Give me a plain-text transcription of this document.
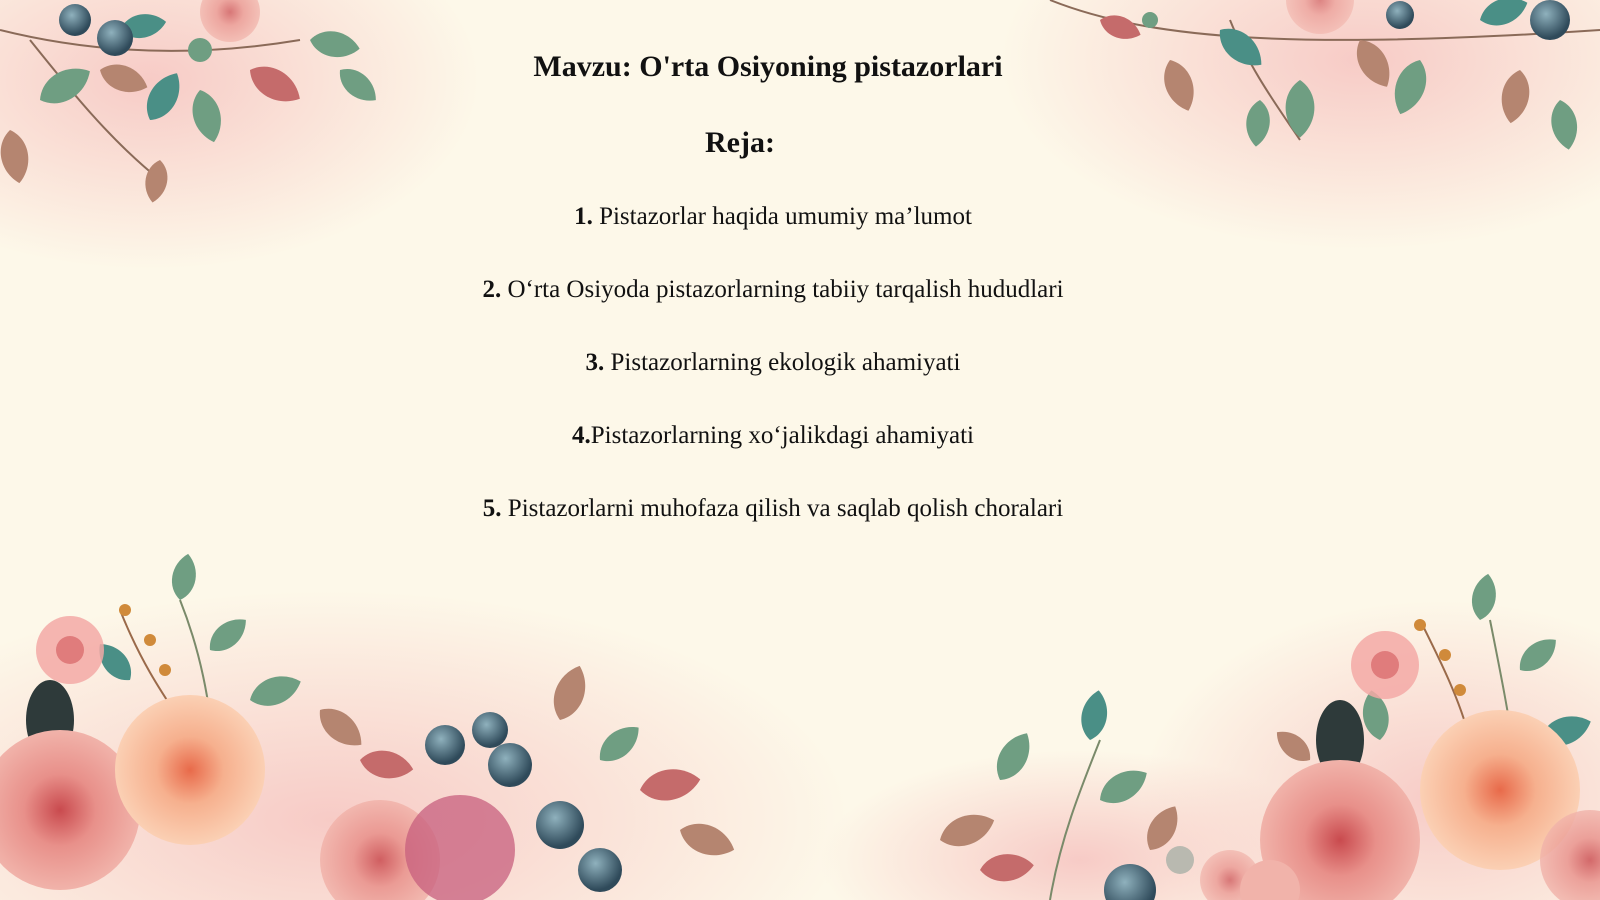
Mavzu: O'rta Osiyoning pistazorlari
Reja:
1. Pistazorlar haqida umumiy ma’lumot
2. O‘rta Osiyoda pistazorlarning tabiiy tarqalish hududlari
3. Pistazorlarning ekologik ahamiyati
4.Pistazorlarning xo‘jalikdagi ahamiyati
5. Pistazorlarni muhofaza qilish va saqlab qolish choralari
